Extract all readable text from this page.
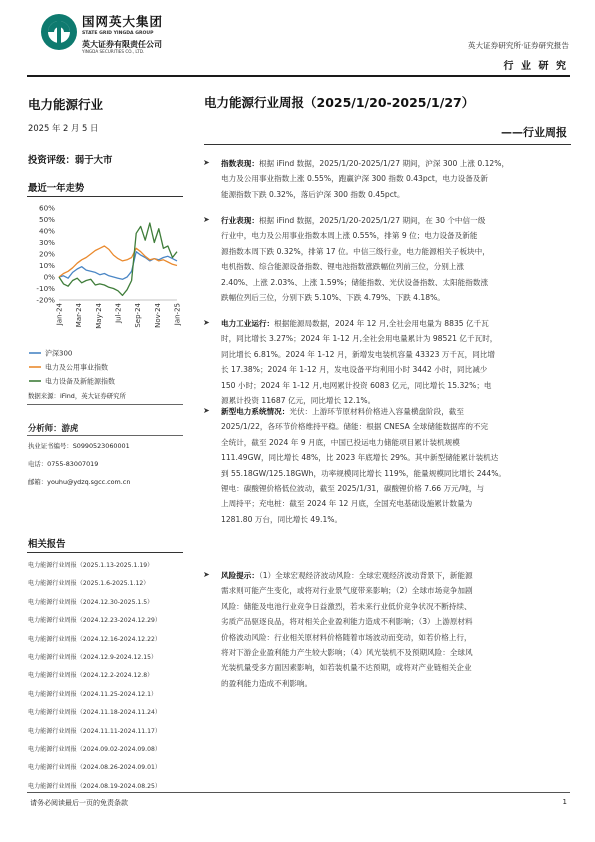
国网英大集团
STATE GRID YINGDA GROUP
英大证券有限责任公司
YINGDA SECURITIES CO., LTD.
英大证券研究所·证券研究报告
行 业 研 究
电力能源行业
2025 年 2 月 5 日
投资评级：弱于大市
最近一年走势
-20%
-10%
0%
10%
20%
30%
40%
50%
60%
Jan-24 Mar-24 May-24 Jul-24 Sep-24 Nov-24 Jan-25
沪深300
电力及公用事业指数
电力设备及新能源指数
数据来源：iFind，英大证券研究所
分析师：游虎
执业证书编号：S0990523060001
电话：0755-83007019
邮箱：youhu@ydzq.sgcc.com.cn
相关报告
电力能源行业周报（2025.1.13-2025.1.19）
电力能源行业周报（2025.1.6-2025.1.12）
电力能源行业周报（2024.12.30-2025.1.5）
电力能源行业周报（2024.12.23-2024.12.29）
电力能源行业周报（2024.12.16-2024.12.22）
电力能源行业周报（2024.12.9-2024.12.15）
电力能源行业周报（2024.12.2-2024.12.8）
电力能源行业周报（2024.11.25-2024.12.1）
电力能源行业周报（2024.11.18-2024.11.24）
电力能源行业周报（2024.11.11-2024.11.17）
电力能源行业周报（2024.09.02-2024.09.08）
电力能源行业周报（2024.08.26-2024.09.01）
电力能源行业周报（2024.08.19-2024.08.25）
电力能源行业周报（2025/1/20-2025/1/27）
——行业周报
➤ 指数表现：根据 iFind 数据，2025/1/20-2025/1/27 期间，沪深 300 上涨 0.12%，
电力及公用事业指数上涨 0.55%，跑赢沪深 300 指数 0.43pct，电力设备及新
能源指数下跌 0.32%，落后沪深 300 指数 0.45pct。
➤ 行业表现：根据 iFind 数据，2025/1/20-2025/1/27 期间，在 30 个中信一级
行业中，电力及公用事业指数本周上涨 0.55%，排第 9 位；电力设备及新能
源指数本周下跌 0.32%，排第 17 位。中信三级行业，电力能源相关子板块中，
电机指数、综合能源设备指数、锂电池指数涨跌幅位列前三位，分别上涨
2.40%、上涨 2.03%、上涨 1.59%；储能指数、光伏设备指数、太阳能指数涨
跌幅位列后三位，分别下跌 5.10%、下跌 4.79%、下跌 4.18%。
➤ 电力工业运行：根据能源局数据，2024 年 12 月,全社会用电量为 8835 亿千瓦
时，同比增长 3.27%；2024 年 1-12 月,全社会用电量累计为 98521 亿千瓦时，
同比增长 6.81%。2024 年 1-12 月，新增发电装机容量 43323 万千瓦，同比增
长 17.38%；2024 年 1-12 月，发电设备平均利用小时 3442 小时，同比减少
150 小时；2024 年 1-12 月,电网累计投资 6083 亿元，同比增长 15.32%；电
源累计投资 11687 亿元，同比增长 12.1%。
➤ 新型电力系统情况：光伏：上游环节原材料价格进入容量横盘阶段，截至
2025/1/22，各环节价格维持平稳。储能：根据 CNESA 全球储能数据库的不完
全统计，截至 2024 年 9 月底，中国已投运电力储能项目累计装机规模
111.49GW，同比增长 48%，比 2023 年底增长 29%。其中新型储能累计装机达
到 55.18GW/125.18GWh，功率规模同比增长 119%，能量规模同比增长 244%。
锂电：碳酸锂价格低位波动，截至 2025/1/31，碳酸锂价格 7.66 万元/吨，与
上周持平；充电桩：截至 2024 年 12 月底，全国充电基础设施累计数量为
1281.80 万台，同比增长 49.1%。
➤ 风险提示：（1）全球宏观经济波动风险：全球宏观经济波动背景下，新能源
需求则可能产生变化，或将对行业景气度带来影响；（2）全球市场竞争加剧
风险：储能及电池行业竞争日益激烈，若未来行业低价竞争状况不断持续、
劣质产品驱逐良品，将对相关企业盈利能力造成不利影响；（3）上游原材料
价格波动风险：行业相关原材料价格随着市场波动而变动，如若价格上行，
将对下游企业盈利能力产生较大影响；（4）风光装机不及预期风险：全球风
光装机量受多方面因素影响，如若装机量不达预期，或将对产业链相关企业
的盈利能力造成不利影响。
请务必阅读最后一页的免责条款	1
